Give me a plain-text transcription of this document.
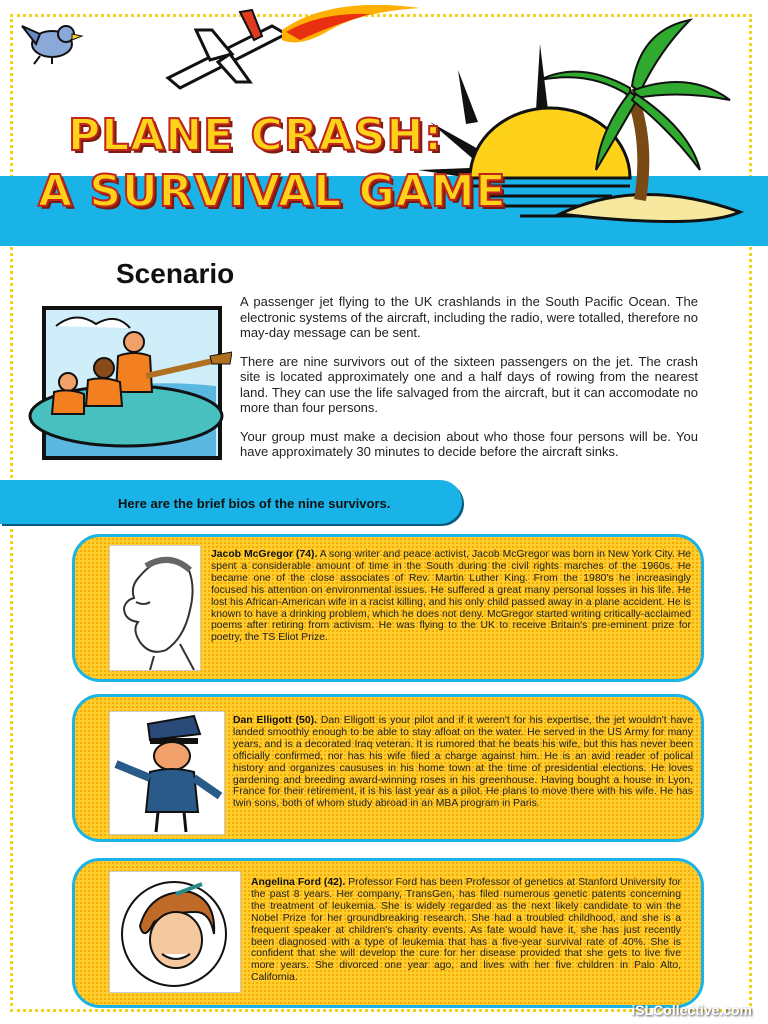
PLANE CRASH:
A SURVIVAL GAME
Scenario

A passenger jet flying to the UK crashlands in the South Pacific Ocean. The electronic systems of the aircraft, including the radio, were totalled, therefore no may-day message can be sent.

There are nine survivors out of the sixteen passengers on the jet. The crash site is located approximately one and a half days of rowing from the nearest land. They can use the life salvaged from the aircraft, but it can accomodate no more than four persons.

Your group must make a decision about who those four persons will be. You have approximately 30 minutes to decide before the aircraft sinks.

Here are the brief bios of the nine survivors.
Jacob McGregor (74). A song writer and peace activist, Jacob McGregor was born in New York City. He spent a considerable amount of time in the South during the civil rights marches of the 1960s. He became one of the close associates of Rev. Martin Luther King. From the 1980's he increasingly focused his attention on environmental issues. He suffered a great many personal losses in his life. He lost his African-American wife in a racist killing, and his only child passed away in a plane accident. He is known to have a drinking problem, which he does not deny. McGregor started writing critically-acclaimed poems after retiring from activism. He was flying to the UK to receive Britain's pre-eminent prize for poetry, the TS Eliot Prize.
Dan Elligott (50). Dan Elligott is your pilot and if it weren't for his expertise, the jet wouldn't have landed smoothly enough to be able to stay afloat on the water. He served in the US Army for many years, and is a decorated Iraq veteran. It is rumored that he beats his wife, but this has never been officially confirmed, nor has his wife filed a charge against him. He is an avid reader of polical history and organizes caususes in his home town at the time of presidential elections. He loves gardening and breeding award-winning roses in his greenhouse. Having bought a house in Lyon, France for their retirement, it is his last year as a pilot. He plans to move there with his wife. He has twin sons, both of whom study abroad in an MBA program in Paris.
Angelina Ford (42). Professor Ford has been Professor of genetics at Stanford University for the past 8 years. Her company, TransGen, has filed numerous genetic patents concerning the treatment of leukemia. She is widely regarded as the next likely candidate to win the Nobel Prize for her groundbreaking research. She had a troubled childhood, and she is a frequent speaker at children's charity events. As fate would have it, she has just recently been diagnosed with a type of leukemia that has a five-year survival rate of 40%. She is confident that she will develop the cure for her disease provided that she gets to live five more years. She divorced one year ago, and lives with her five children in Palo Alto, California.
iSLCollective.com
